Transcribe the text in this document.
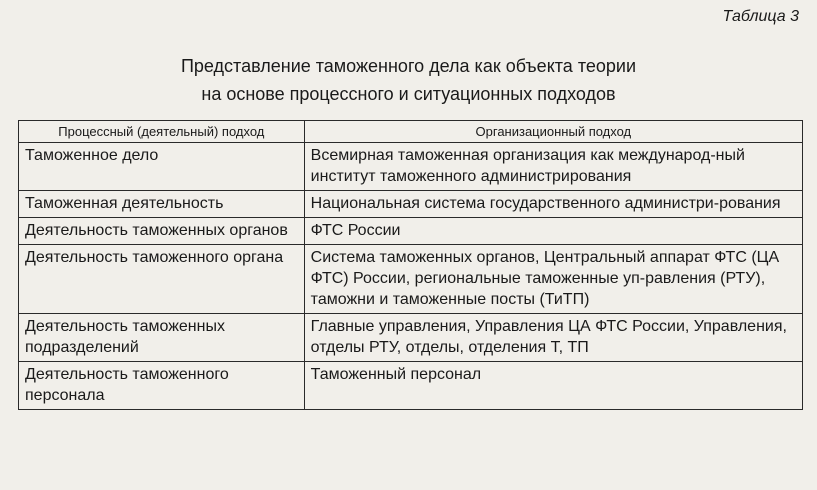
Таблица 3
Представление таможенного дела как объекта теории
на основе процессного и ситуационных подходов
Процессный (деятельный) подход	Организационный подход
Таможенное дело	Всемирная таможенная организация как международ-ный институт таможенного администрирования
Таможенная деятельность	Национальная система государственного администри-рования
Деятельность таможенных органов	ФТС России
Деятельность таможенного органа	Система таможенных органов, Центральный аппарат ФТС (ЦА ФТС) России, региональные таможенные уп-равления (РТУ), таможни и таможенные посты (ТиТП)
Деятельность таможенных подразделений	Главные управления, Управления ЦА ФТС России, Управления, отделы РТУ, отделы, отделения Т, ТП
Деятельность таможенного персонала	Таможенный персонал
